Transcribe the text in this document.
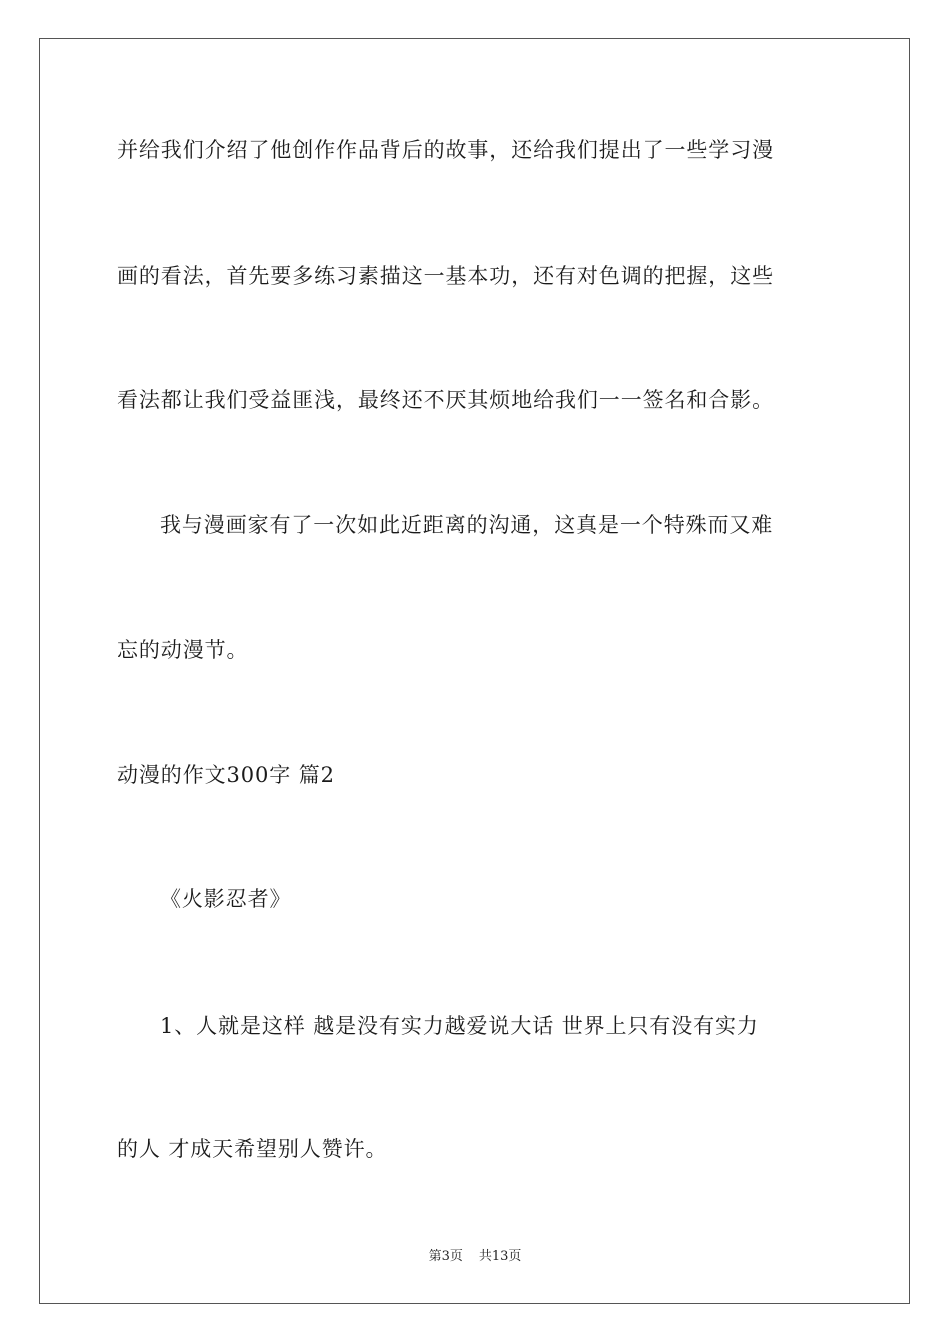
并给我们介绍了他创作作品背后的故事，还给我们提出了一些学习漫
画的看法，首先要多练习素描这一基本功，还有对色调的把握，这些
看法都让我们受益匪浅，最终还不厌其烦地给我们一一签名和合影。
我与漫画家有了一次如此近距离的沟通，这真是一个特殊而又难
忘的动漫节。
动漫的作文300字 篇2
《火影忍者》
1、人就是这样 越是没有实力越爱说大话 世界上只有没有实力
的人 才成天希望别人赞许。
第3页 共13页
